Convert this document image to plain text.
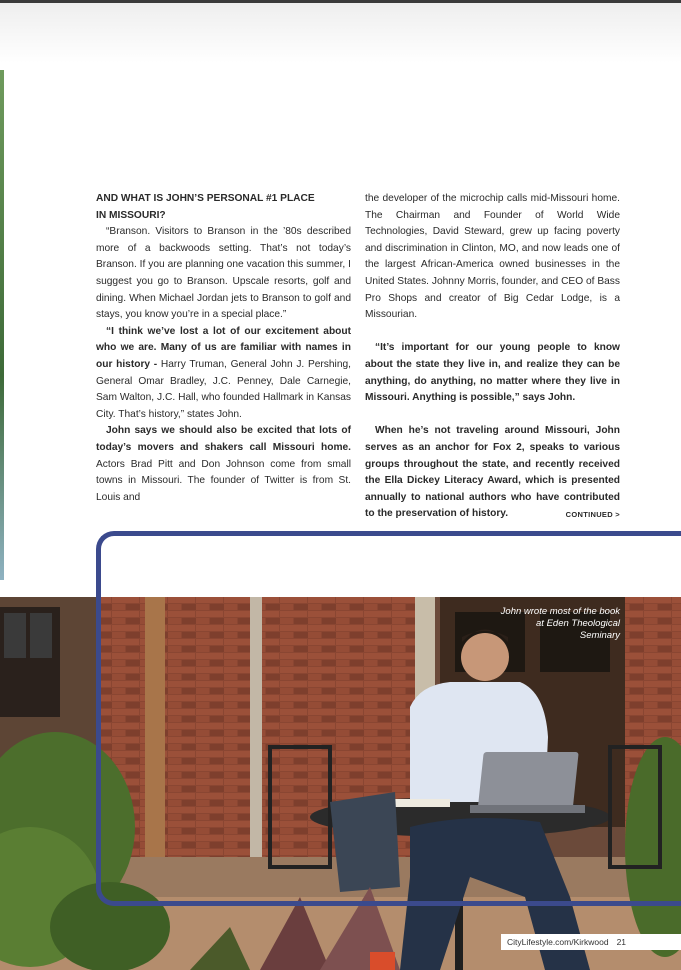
AND WHAT IS JOHN’S PERSONAL #1 PLACE
IN MISSOURI?

“Branson. Visitors to Branson in the ’80s described more of a backwoods setting. That’s not today’s Branson. If you are planning one vacation this summer, I suggest you go to Branson. Upscale resorts, golf and dining. When Michael Jordan jets to Branson to golf and stays, you know you’re in a special place.”

“I think we’ve lost a lot of our excitement about who we are. Many of us are familiar with names in our history - Harry Truman, General John J. Pershing, General Omar Bradley, J.C. Penney, Dale Carnegie, Sam Walton, J.C. Hall, who founded Hallmark in Kansas City. That’s history,” states John.

John says we should also be excited that lots of today’s movers and shakers call Missouri home. Actors Brad Pitt and Don Johnson come from small towns in Missouri. The founder of Twitter is from St. Louis and

the developer of the microchip calls mid-Missouri home. The Chairman and Founder of World Wide Technologies, David Steward, grew up facing poverty and discrimination in Clinton, MO, and now leads one of the largest African-America owned businesses in the United States. Johnny Morris, founder, and CEO of Bass Pro Shops and creator of Big Cedar Lodge, is a Missourian.

“It’s important for our young people to know about the state they live in, and realize they can be anything, do anything, no matter where they live in Missouri. Anything is possible,” says John.

When he’s not traveling around Missouri, John serves as an anchor for Fox 2, speaks to various groups throughout the state, and recently received the Ella Dickey Literacy Award, which is presented annually to national authors who have contributed to the preservation of history.	CONTINUED >
John wrote most of the book at Eden Theological Seminary
CityLifestyle.com/Kirkwood 21
